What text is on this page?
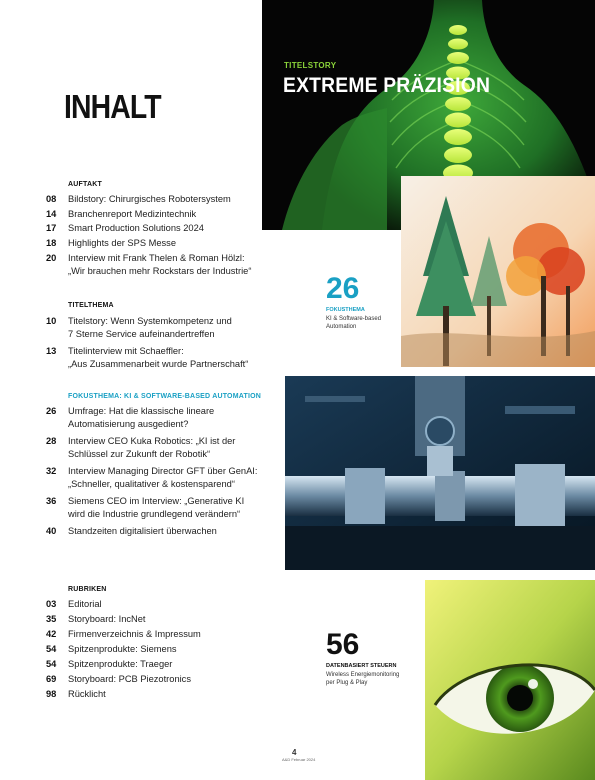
TITELSTORY
EXTREME PRÄZISION
INHALT
AUFTAKT
08	Bildstory: Chirurgisches Robotersystem
14	Branchenreport Medizintechnik
17	Smart Production Solutions 2024
18	Highlights der SPS Messe
20	Interview mit Frank Thelen & Roman Hölzl:
„Wir brauchen mehr Rockstars der Industrie“
TITELTHEMA
10	Titelstory: Wenn Systemkompetenz und
7 Sterne Service aufeinandertreffen
13	Titelinterview mit Schaeffler:
„Aus Zusammenarbeit wurde Partnerschaft“
FOKUSTHEMA: KI & SOFTWARE-BASED AUTOMATION
26	Umfrage: Hat die klassische lineare
Automatisierung ausgedient?
28	Interview CEO Kuka Robotics: „KI ist der
Schlüssel zur Zukunft der Robotik“
32	Interview Managing Director GFT über GenAI:
„Schneller, qualitativer & kostensparend“
36	Siemens CEO im Interview: „Generative KI
wird die Industrie grundlegend verändern“
40	Standzeiten digitalisiert überwachen
RUBRIKEN
03	Editorial
35	Storyboard: IncNet
42	Firmenverzeichnis & Impressum
54	Spitzenprodukte: Siemens
54	Spitzenprodukte: Traeger
69	Storyboard: PCB Piezotronics
98	Rücklicht
26
FOKUSTHEMA
KI & Software-based
Automation
56
DATENBASIERT STEUERN
Wireless Energiemonitoring
per Plug & Play
4
A&D Februar 2024
